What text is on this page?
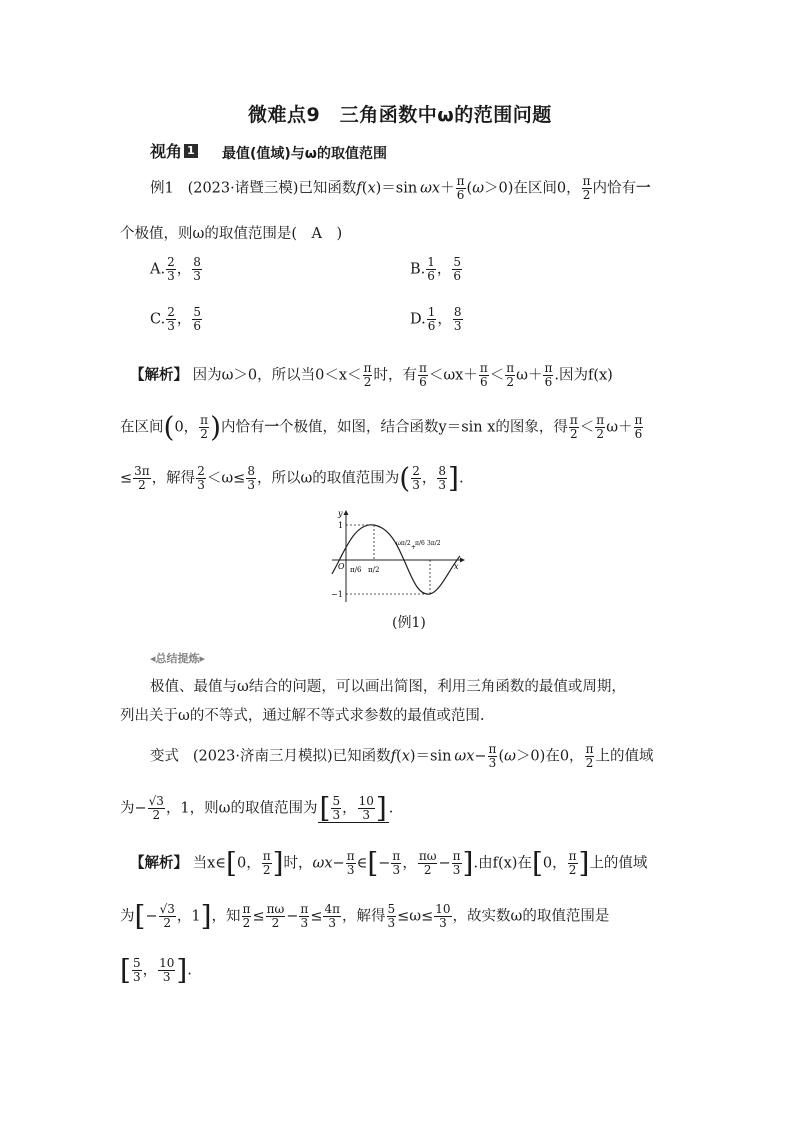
微难点9　三角函数中ω的范围问题
视角 1 最值(值域)与ω的取值范围
例1 (2023·诸暨三模)已知函数f(x)＝sin $\omega x+ \frac{\pi}{6} (\omega>0)$在区间0， $\frac{\pi}{2}$ 内恰有一
个极值，则ω的取值范围是(　A　)
A. $\frac{2}{3}$ ， $\frac{8}{3}$	B. $\frac{1}{6}$ ， $\frac{5}{6}$
C. $\frac{2}{3}$ ， $\frac{5}{6}$	D. $\frac{1}{6}$ ， $\frac{8}{3}$
【解析】 因为ω＞0，所以当$0<x< \frac{\pi}{2}$ 时，有 $\frac{\pi}{6} <\omega x+ \frac{\pi}{6} < \frac{\pi}{2} \omega+ \frac{\pi}{6}$ .因为f(x)
在区间(0， $\frac{\pi}{2}$ )内恰有一个极值，如图，结合函数y＝sin x的图象，得 $\frac{\pi}{2} < \frac{\pi}{2} \omega+ \frac{\pi}{6}$
≤ $\frac{3\pi}{2}$ ，解得 $\frac{2}{3} <\omega\le \frac{8}{3}$ ，所以ω的取值范围为( $\frac{2}{3}$ ， $\frac{8}{3}$ ].
y
x
O
1
−1
π/6 π/2
ωπ/2
+
π/6 3π/2
(例1)
◂总结提炼▸
极值、最值与ω结合的问题，可以画出简图，利用三角函数的最值或周期，
列出关于ω的不等式，通过解不等式求参数的最值或范围.
变式 (2023·济南三月模拟)已知函数f(x)＝sin $\omega x- \frac{\pi}{3} (\omega>0)$在0， $\frac{\pi}{2}$ 上的值域
为− $\frac{√3}{2}$ ，1，则ω的取值范围为[ $\frac{5}{3}$ ， $\frac{10}{3}$ ] .
【解析】 当x∈[0， $\frac{\pi}{2}$ ]时，$\omega x- \frac{\pi}{3}$ ∈[− $\frac{\pi}{3}$ ， $\frac{\pi\omega}{2} - \frac{\pi}{3}$ ].由f(x)在[0， $\frac{\pi}{2}$ ]上的值域
为[− $\frac{√3}{2}$ ，1]，知 $\frac{\pi}{2} \le \frac{\pi\omega}{2} - \frac{\pi}{3} \le \frac{4\pi}{3}$ ，解得 $\frac{5}{3} \le\omega\le \frac{10}{3}$ ，故实数ω的取值范围是
[ $\frac{5}{3}$ ， $\frac{10}{3}$ ].
